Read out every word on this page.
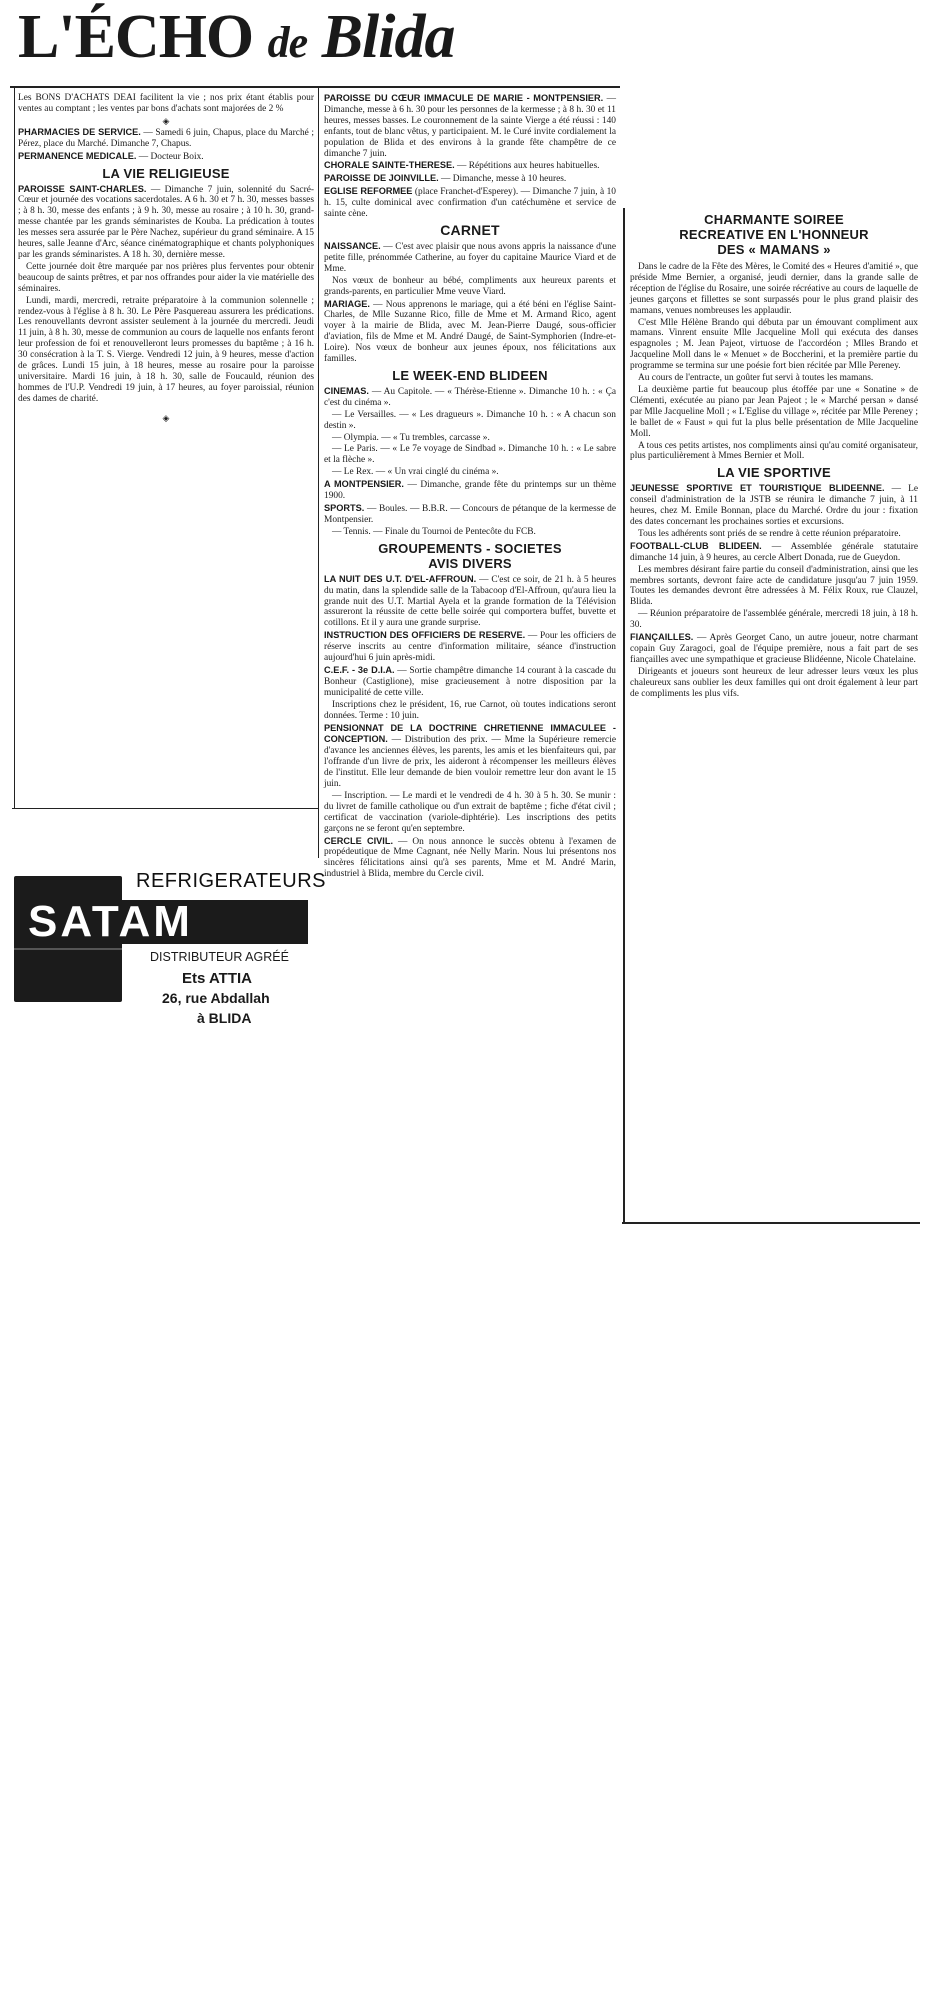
L'ÉCHO de Blida

Les BONS D'ACHATS DEAI facilitent la vie ; nos prix étant établis pour ventes au comptant ; les ventes par bons d'achats sont majorées de 2 %

◈

PHARMACIES DE SERVICE. — Samedi 6 juin, Chapus, place du Marché ; Pérez, place du Marché. Dimanche 7, Chapus.

PERMANENCE MEDICALE. — Docteur Boix.

LA VIE RELIGIEUSE

PAROISSE SAINT-CHARLES. — Dimanche 7 juin, solennité du Sacré-Cœur et journée des vocations sacerdotales. A 6 h. 30 et 7 h. 30, messes basses ; à 8 h. 30, messe des enfants ; à 9 h. 30, messe au rosaire ; à 10 h. 30, grand-messe chantée par les grands séminaristes de Kouba. La prédication à toutes les messes sera assurée par le Père Nachez, supérieur du grand séminaire. A 15 heures, salle Jeanne d'Arc, séance cinématographique et chants polyphoniques par les grands séminaristes. A 18 h. 30, dernière messe.

Cette journée doit être marquée par nos prières plus ferventes pour obtenir beaucoup de saints prêtres, et par nos offrandes pour aider la vie matérielle des séminaires.

Lundi, mardi, mercredi, retraite préparatoire à la communion solennelle ; rendez-vous à l'église à 8 h. 30. Le Père Pasquereau assurera les prédications. Les renouvellants devront assister seulement à la journée du mercredi. Jeudi 11 juin, à 8 h. 30, messe de communion au cours de laquelle nos enfants feront leur profession de foi et renouvelleront leurs promesses du baptême ; à 16 h. 30 consécration à la T. S. Vierge. Vendredi 12 juin, à 9 heures, messe d'action de grâces. Lundi 15 juin, à 18 heures, messe au rosaire pour la paroisse universitaire. Mardi 16 juin, à 18 h. 30, salle de Foucauld, réunion des hommes de l'U.P. Vendredi 19 juin, à 17 heures, au foyer paroissial, réunion des dames de charité.

◈
SATAM
REFRIGERATEURS
DISTRIBUTEUR AGRÉÉ
Ets ATTIA
26, rue Abdallah
à BLIDA

PAROISSE DU CŒUR IMMACULE DE MARIE - MONTPENSIER. — Dimanche, messe à 6 h. 30 pour les personnes de la kermesse ; à 8 h. 30 et 11 heures, messes basses. Le couronnement de la sainte Vierge a été réussi : 140 enfants, tout de blanc vêtus, y participaient. M. le Curé invite cordialement la population de Blida et des environs à la grande fête champêtre de ce dimanche 7 juin.

CHORALE SAINTE-THERESE. — Répétitions aux heures habituelles.

PAROISSE DE JOINVILLE. — Dimanche, messe à 10 heures.

EGLISE REFORMEE (place Franchet-d'Esperey). — Dimanche 7 juin, à 10 h. 15, culte dominical avec confirmation d'un catéchumène et service de sainte cène.

CARNET

NAISSANCE. — C'est avec plaisir que nous avons appris la naissance d'une petite fille, prénommée Catherine, au foyer du capitaine Maurice Viard et de Mme.

Nos vœux de bonheur au bébé, compliments aux heureux parents et grands-parents, en particulier Mme veuve Viard.

MARIAGE. — Nous apprenons le mariage, qui a été béni en l'église Saint-Charles, de Mlle Suzanne Rico, fille de Mme et M. Armand Rico, agent voyer à la mairie de Blida, avec M. Jean-Pierre Daugé, sous-officier d'aviation, fils de Mme et M. André Daugé, de Saint-Symphorien (Indre-et-Loire). Nos vœux de bonheur aux jeunes époux, nos félicitations aux familles.

LE WEEK-END BLIDEEN

CINEMAS. — Au Capitole. — « Thérèse-Etienne ». Dimanche 10 h. : « Ça c'est du cinéma ».

— Le Versailles. — « Les dragueurs ». Dimanche 10 h. : « A chacun son destin ».

— Olympia. — « Tu trembles, carcasse ».

— Le Paris. — « Le 7e voyage de Sindbad ». Dimanche 10 h. : « Le sabre et la flèche ».

— Le Rex. — « Un vrai cinglé du cinéma ».

A MONTPENSIER. — Dimanche, grande fête du printemps sur un thème 1900.

SPORTS. — Boules. — B.B.R. — Concours de pétanque de la kermesse de Montpensier.

— Tennis. — Finale du Tournoi de Pentecôte du FCB.

GROUPEMENTS - SOCIETES
AVIS DIVERS

LA NUIT DES U.T. D'EL-AFFROUN. — C'est ce soir, de 21 h. à 5 heures du matin, dans la splendide salle de la Tabacoop d'El-Affroun, qu'aura lieu la grande nuit des U.T. Martial Ayela et la grande formation de la Télévision assureront la réussite de cette belle soirée qui comportera buffet, buvette et cotillons. Et il y aura une grande surprise.

INSTRUCTION DES OFFICIERS DE RESERVE. — Pour les officiers de réserve inscrits au centre d'information militaire, séance d'instruction aujourd'hui 6 juin après-midi.

C.E.F. - 3e D.I.A. — Sortie champêtre dimanche 14 courant à la cascade du Bonheur (Castiglione), mise gracieusement à notre disposition par la municipalité de cette ville.

Inscriptions chez le président, 16, rue Carnot, où toutes indications seront données. Terme : 10 juin.

PENSIONNAT DE LA DOCTRINE CHRETIENNE IMMACULEE - CONCEPTION. — Distribution des prix. — Mme la Supérieure remercie d'avance les anciennes élèves, les parents, les amis et les bienfaiteurs qui, par l'offrande d'un livre de prix, les aideront à récompenser les meilleurs élèves de l'institut. Elle leur demande de bien vouloir remettre leur don avant le 15 juin.

— Inscription. — Le mardi et le vendredi de 4 h. 30 à 5 h. 30. Se munir : du livret de famille catholique ou d'un extrait de baptême ; fiche d'état civil ; certificat de vaccination (variole-diphtérie). Les inscriptions des petits garçons ne se feront qu'en septembre.

CERCLE CIVIL. — On nous annonce le succès obtenu à l'examen de propédeutique de Mme Cagnant, née Nelly Marin. Nous lui présentons nos sincères félicitations ainsi qu'à ses parents, Mme et M. André Marin, industriel à Blida, membre du Cercle civil.

CHARMANTE SOIREE
RECREATIVE EN L'HONNEUR
DES « MAMANS »

Dans le cadre de la Fête des Mères, le Comité des « Heures d'amitié », que préside Mme Bernier, a organisé, jeudi dernier, dans la grande salle de réception de l'église du Rosaire, une soirée récréative au cours de laquelle de jeunes garçons et fillettes se sont surpassés pour le plus grand plaisir des mamans, venues nombreuses les applaudir.

C'est Mlle Hélène Brando qui débuta par un émouvant compliment aux mamans. Vinrent ensuite Mlle Jacqueline Moll qui exécuta des danses espagnoles ; M. Jean Pajeot, virtuose de l'accordéon ; Mlles Brando et Jacqueline Moll dans le « Menuet » de Boccherini, et la première partie du programme se termina sur une poésie fort bien récitée par Mlle Pereney.

Au cours de l'entracte, un goûter fut servi à toutes les mamans.

La deuxième partie fut beaucoup plus étoffée par une « Sonatine » de Clémenti, exécutée au piano par Jean Pajeot ; le « Marché persan » dansé par Mlle Jacqueline Moll ; « L'Eglise du village », récitée par Mlle Pereney ; le ballet de « Faust » qui fut la plus belle présentation de Mlle Jacqueline Moll.

A tous ces petits artistes, nos compliments ainsi qu'au comité organisateur, plus particulièrement à Mmes Bernier et Moll.

LA VIE SPORTIVE

JEUNESSE SPORTIVE ET TOURISTIQUE BLIDEENNE. — Le conseil d'administration de la JSTB se réunira le dimanche 7 juin, à 11 heures, chez M. Emile Bonnan, place du Marché. Ordre du jour : fixation des dates concernant les prochaines sorties et excursions.

Tous les adhérents sont priés de se rendre à cette réunion préparatoire.

FOOTBALL-CLUB BLIDEEN. — Assemblée générale statutaire dimanche 14 juin, à 9 heures, au cercle Albert Donada, rue de Gueydon.

Les membres désirant faire partie du conseil d'administration, ainsi que les membres sortants, devront faire acte de candidature jusqu'au 7 juin 1959. Toutes les demandes devront être adressées à M. Félix Roux, rue Clauzel, Blida.

— Réunion préparatoire de l'assemblée générale, mercredi 18 juin, à 18 h. 30.

FIANÇAILLES. — Après Georget Cano, un autre joueur, notre charmant copain Guy Zaragoci, goal de l'équipe première, nous a fait part de ses fiançailles avec une sympathique et gracieuse Blidéenne, Nicole Chatelaine.

Dirigeants et joueurs sont heureux de leur adresser leurs vœux les plus chaleureux sans oublier les deux familles qui ont droit également à leur part de compliments les plus vifs.
